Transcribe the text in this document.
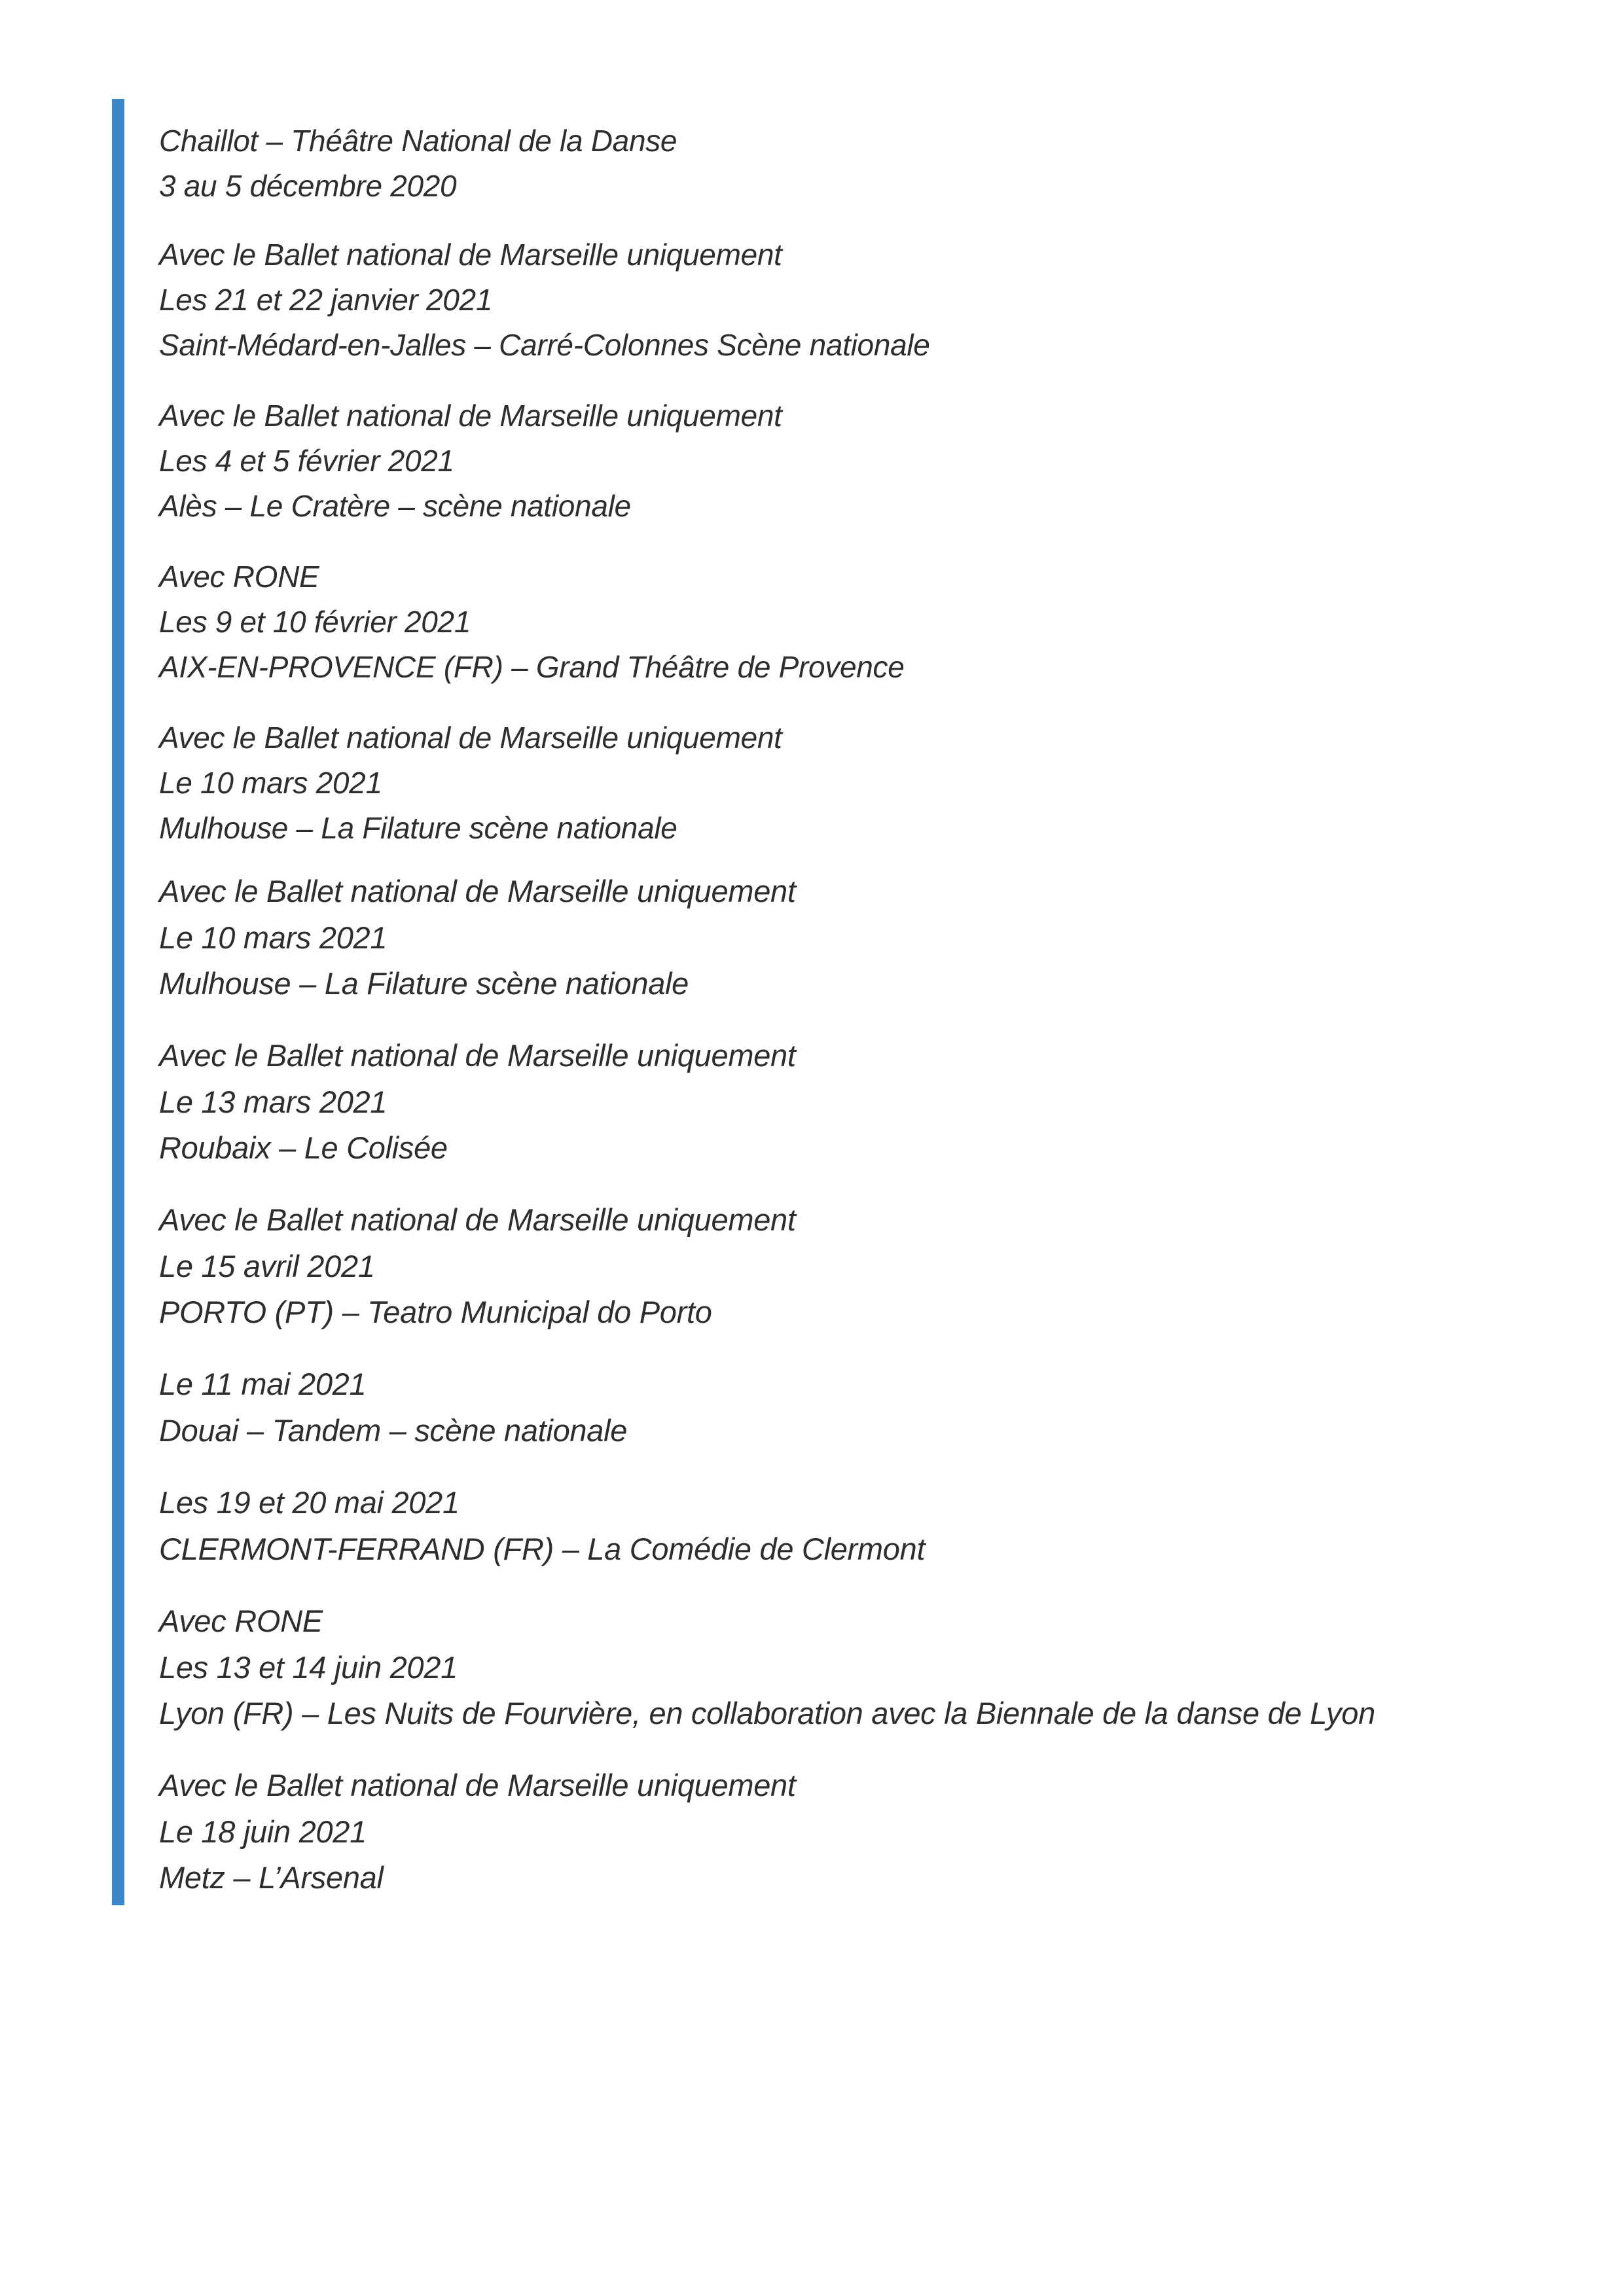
Chaillot – Théâtre National de la Danse
3 au 5 décembre 2020
Avec le Ballet national de Marseille uniquement
Les 21 et 22 janvier 2021
Saint-Médard-en-Jalles – Carré-Colonnes Scène nationale
Avec le Ballet national de Marseille uniquement
Les 4 et 5 février 2021
Alès – Le Cratère – scène nationale
Avec RONE
Les 9 et 10 février 2021
AIX-EN-PROVENCE (FR) – Grand Théâtre de Provence
Avec le Ballet national de Marseille uniquement
Le 10 mars 2021
Mulhouse – La Filature scène nationale
Avec le Ballet national de Marseille uniquement
Le 10 mars 2021
Mulhouse – La Filature scène nationale
Avec le Ballet national de Marseille uniquement
Le 13 mars 2021
Roubaix – Le Colisée
Avec le Ballet national de Marseille uniquement
Le 15 avril 2021
PORTO (PT) – Teatro Municipal do Porto
Le 11 mai 2021
Douai – Tandem – scène nationale
Les 19 et 20 mai 2021
CLERMONT-FERRAND (FR) – La Comédie de Clermont
Avec RONE
Les 13 et 14 juin 2021
Lyon (FR) – Les Nuits de Fourvière, en collaboration avec la Biennale de la danse de Lyon
Avec le Ballet national de Marseille uniquement
Le 18 juin 2021
Metz – L’Arsenal
